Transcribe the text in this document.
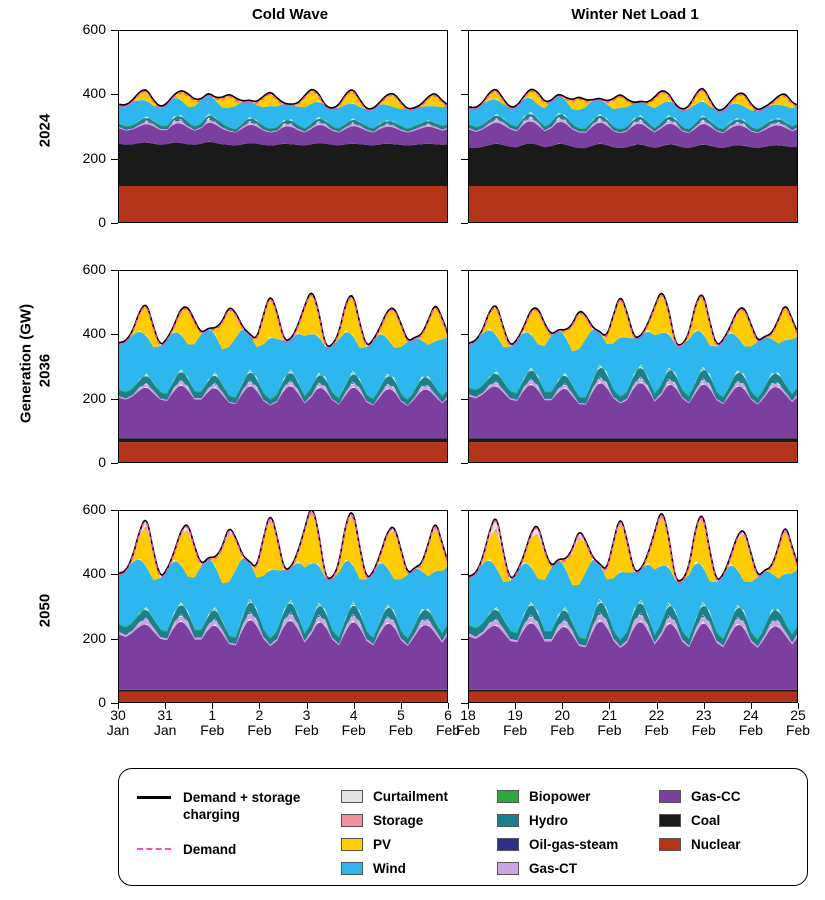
Cold Wave	Winter Net Load 1
Generation (GW)
2024
2036
2050
0
0
0
200
200
200
400
400
400
600
600
600
30
Jan
31
Jan
1
Feb
2
Feb
3
Feb
4
Feb
5
Feb
6
Feb
18
Feb
19
Feb
20
Feb
21
Feb
22
Feb
23
Feb
24
Feb
25
Feb
Demand + storage charging
Demand
Curtailment
Storage
PV
Wind
Biopower
Hydro
Oil-gas-steam
Gas-CT
Gas-CC
Coal
Nuclear
